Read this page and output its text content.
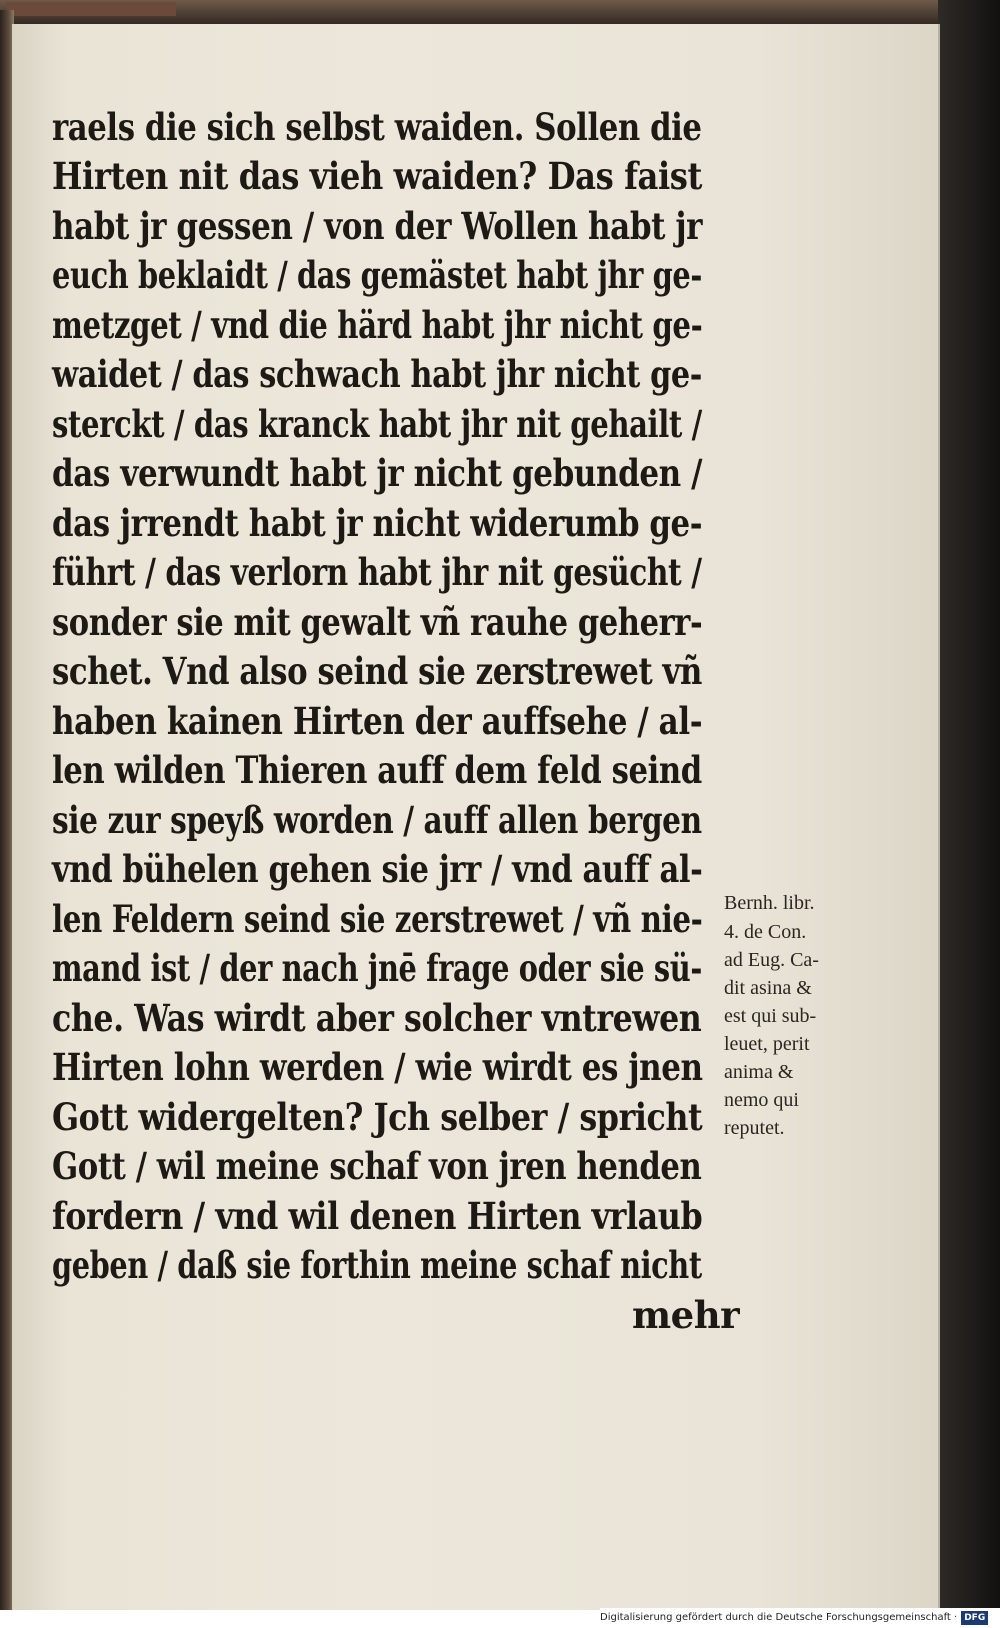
raels die sich selbst waiden. Sollen die
Hirten nit das vieh waiden? Das faist
habt jr gessen / von der Wollen habt jr
euch beklaidt / das gemästet habt jhr ge-
metzget / vnd die härd habt jhr nicht ge-
waidet / das schwach habt jhr nicht ge-
sterckt / das kranck habt jhr nit gehailt /
das verwundt habt jr nicht gebunden /
das jrrendt habt jr nicht widerumb ge-
führt / das verlorn habt jhr nit gesücht /
sonder sie mit gewalt vñ rauhe geherr-
schet. Vnd also seind sie zerstrewet vñ
haben kainen Hirten der auffsehe / al-
len wilden Thieren auff dem feld seind
sie zur speyß worden / auff allen bergen
vnd bühelen gehen sie jrr / vnd auff al-
len Feldern seind sie zerstrewet / vñ nie-
mand ist / der nach jnē frage oder sie sü-
che. Was wirdt aber solcher vntrewen
Hirten lohn werden / wie wirdt es jnen
Gott widergelten? Jch selber / spricht
Gott / wil meine schaf von jren henden
fordern / vnd wil denen Hirten vrlaub
geben / daß sie forthin meine schaf nicht
mehr
Bernh. libr.
4. de Con.
ad Eug. Ca-
dit asina &
est qui sub-
leuet, perit
anima &
nemo qui
reputet.
Digitalisierung gefördert durch die Deutsche Forschungsgemeinschaft · DFG
